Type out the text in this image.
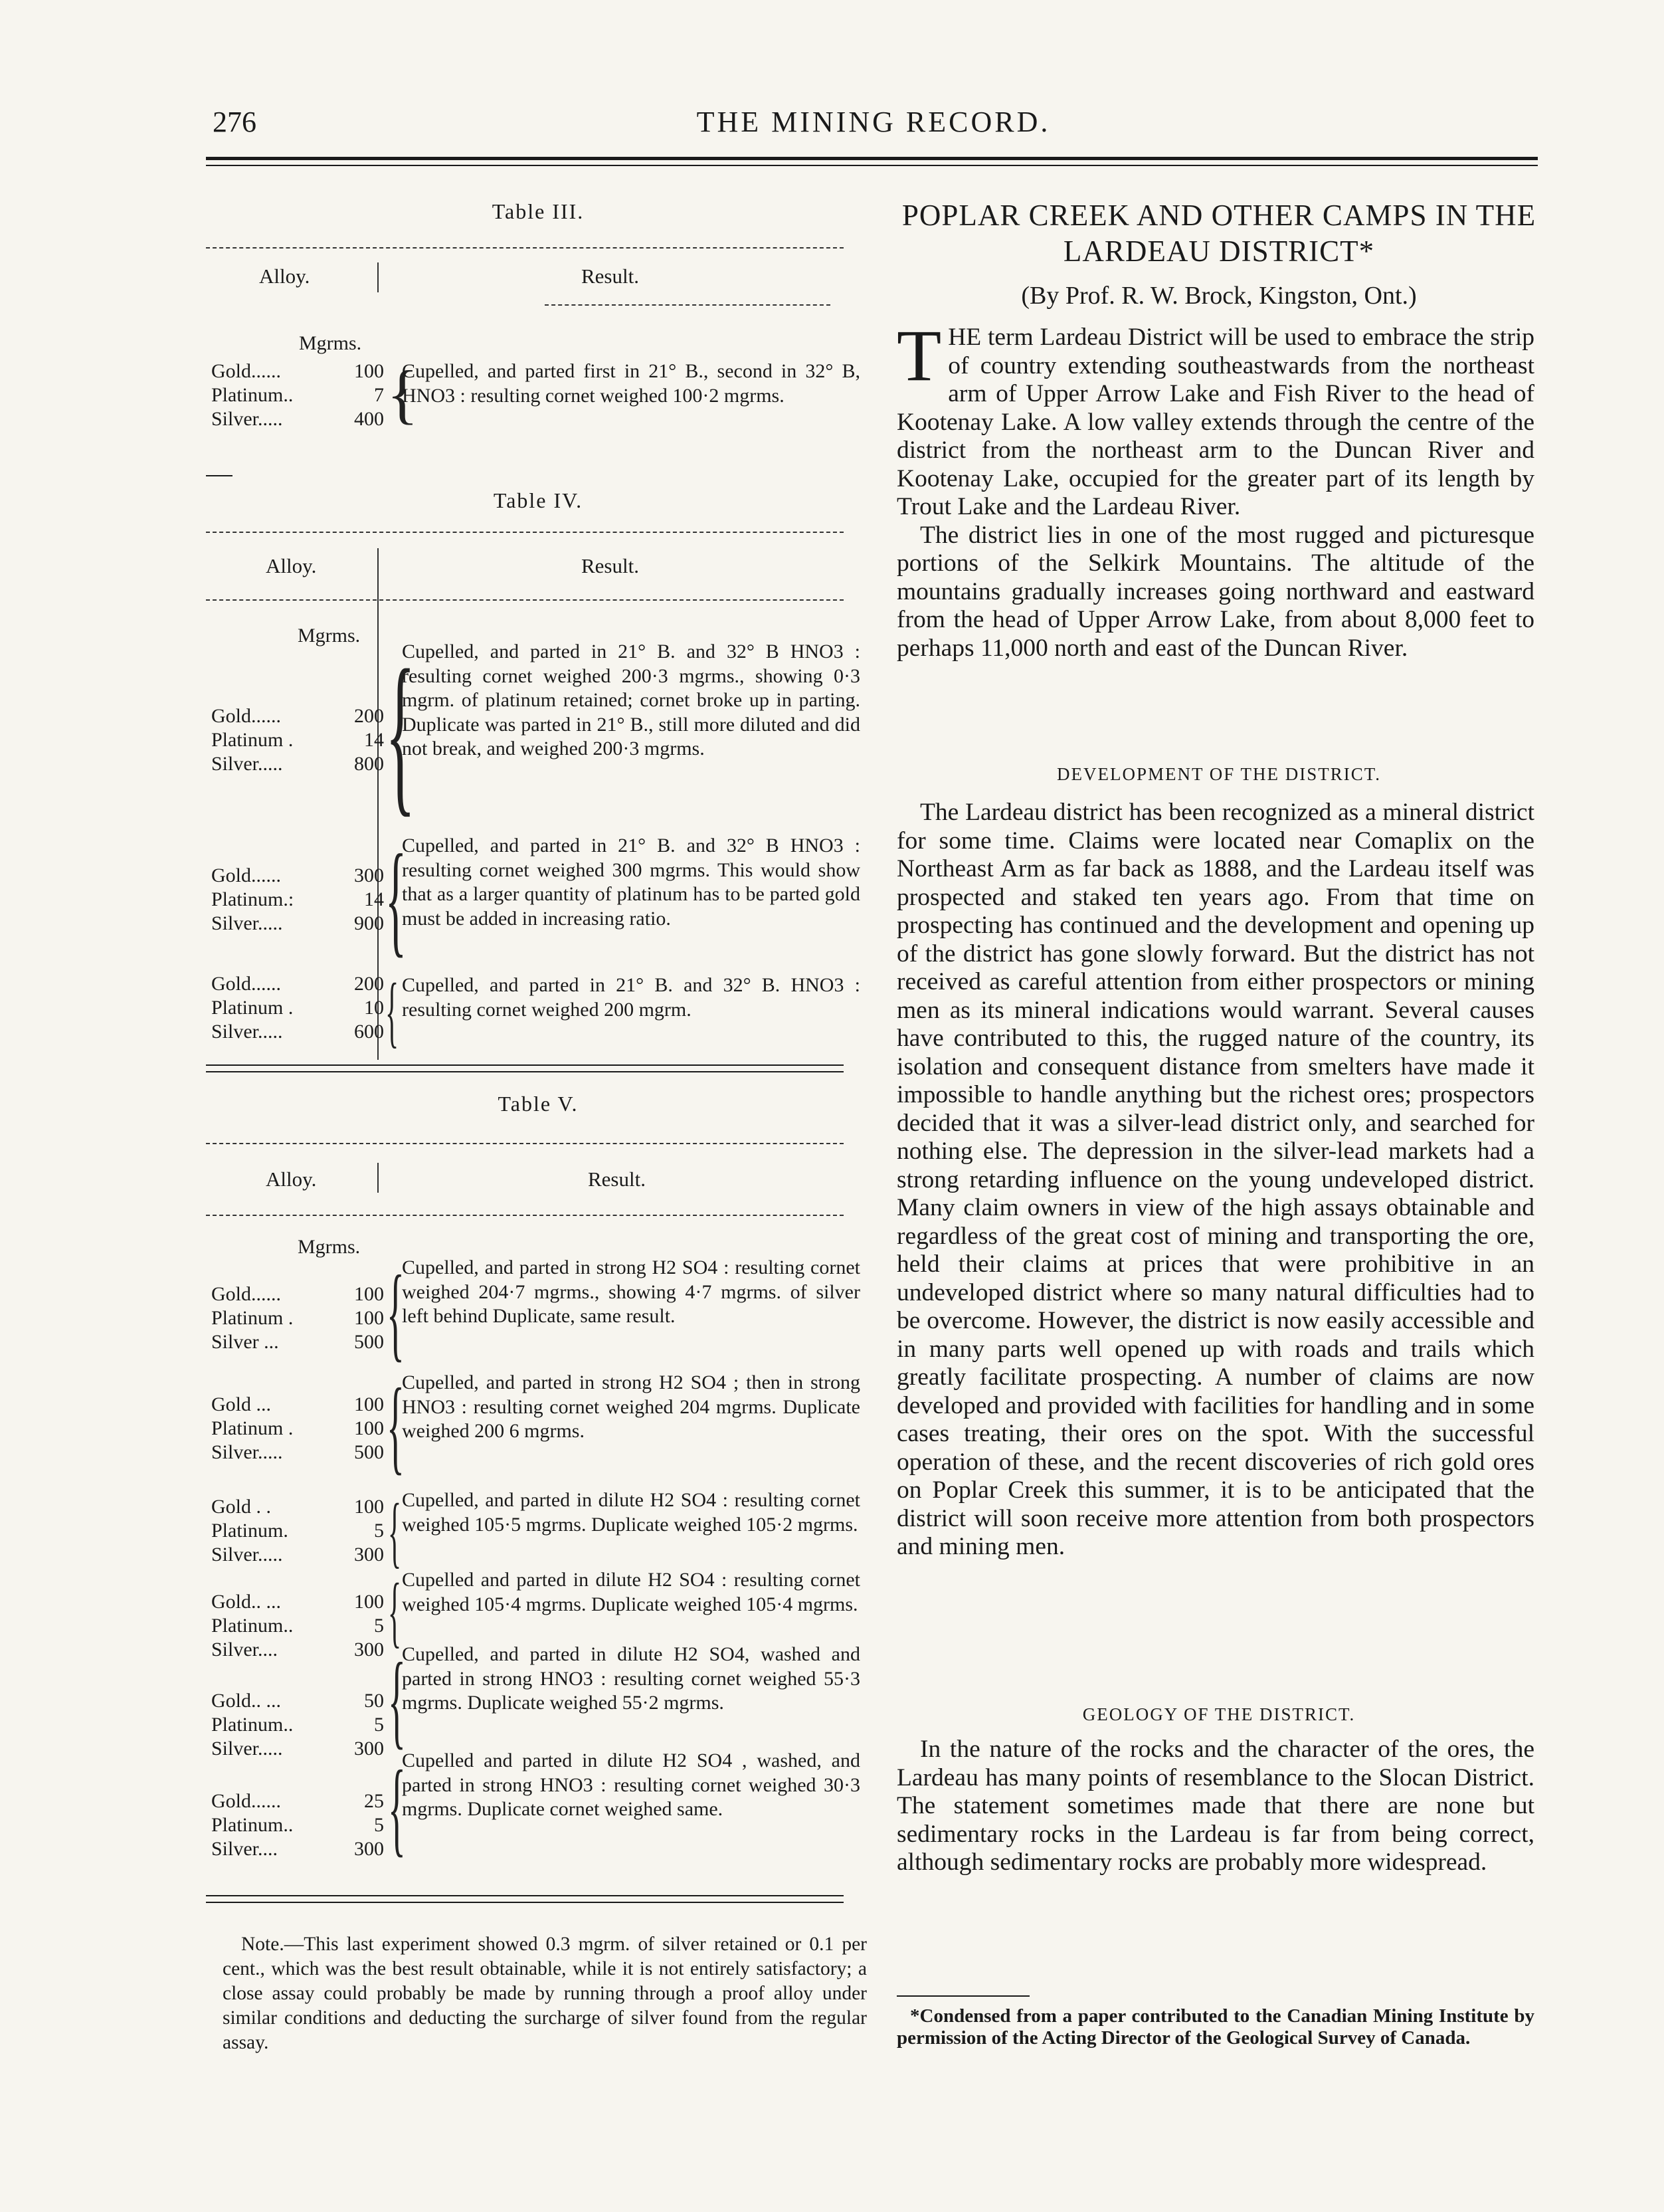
276	THE MINING RECORD.
Table III.
Alloy.	Result.
Mgrms.
Gold......	100
Platinum..	7
Silver.....	400 {
Cupelled, and parted first in 21° B., second in 32° B, HNO3 : resulting cornet weighed 100·2 mgrms.
Table IV.
Alloy.	Result.
Mgrms.
Gold......	200
Platinum .	14
Silver.....	800 {
Cupelled, and parted in 21° B. and 32° B HNO3 : resulting cornet weighed 200·3 mgrms., showing 0·3 mgrm. of platinum retained; cornet broke up in parting. Duplicate was parted in 21° B., still more diluted and did not break, and weighed 200·3 mgrms.
Gold......	300
Platinum.:	14
Silver.....	900 {
Cupelled, and parted in 21° B. and 32° B HNO3 : resulting cornet weighed 300 mgrms. This would show that as a larger quantity of platinum has to be parted gold must be added in increasing ratio.
Gold......	200
Platinum .	10
Silver.....	600 { Cupelled, and parted in 21° B. and 32° B. HNO3 : resulting cornet weighed 200 mgrm.
Table V.
Alloy.	Result.
Mgrms.
Gold......	100
Platinum .	100
Silver ...	500 {
Cupelled, and parted in strong H2 SO4 : resulting cornet weighed 204·7 mgrms., showing 4·7 mgrms. of silver left behind Duplicate, same result.
Gold ...	100
Platinum .	100
Silver.....	500 {
Cupelled, and parted in strong H2 SO4 ; then in strong HNO3 : resulting cornet weighed 204 mgrms. Duplicate weighed 200 6 mgrms.
Gold . .	100
Platinum.	5
Silver.....	300 { Cupelled, and parted in dilute H2 SO4 : resulting cornet weighed 105·5 mgrms. Duplicate weighed 105·2 mgrms.
Gold.. ...	100
Platinum..	5
Silver....	300 { Cupelled and parted in dilute H2 SO4 : resulting cornet weighed 105·4 mgrms. Duplicate weighed 105·4 mgrms.
Gold.. ...	50
Platinum..	5
Silver.....	300 {
Cupelled, and parted in dilute H2 SO4, washed and parted in strong HNO3 : resulting cornet weighed 55·3 mgrms. Duplicate weighed 55·2 mgrms.
Gold......	25
Platinum..	5
Silver....	300 {
Cupelled and parted in dilute H2 SO4 , washed, and parted in strong HNO3 : resulting cornet weighed 30·3 mgrms. Duplicate cornet weighed same.
Note.—This last experiment showed 0.3 mgrm. of silver retained or 0.1 per cent., which was the best result obtainable, while it is not entirely satisfactory; a close assay could probably be made by running through a proof alloy under similar conditions and deducting the surcharge of silver found from the regular assay.
POPLAR CREEK AND OTHER CAMPS IN THE LARDEAU DISTRICT*
(By Prof. R. W. Brock, Kingston, Ont.)

THE term Lardeau District will be used to embrace the strip of country extending southeastwards from the northeast arm of Upper Arrow Lake and Fish River to the head of Kootenay Lake. A low valley extends through the centre of the district from the northeast arm to the Duncan River and Kootenay Lake, occupied for the greater part of its length by Trout Lake and the Lardeau River.

The district lies in one of the most rugged and picturesque portions of the Selkirk Mountains. The altitude of the mountains gradually increases going northward and eastward from the head of Upper Arrow Lake, from about 8,000 feet to perhaps 11,000 north and east of the Duncan River.

DEVELOPMENT OF THE DISTRICT.

The Lardeau district has been recognized as a mineral district for some time. Claims were located near Comaplix on the Northeast Arm as far back as 1888, and the Lardeau itself was prospected and staked ten years ago. From that time on prospecting has continued and the development and opening up of the district has gone slowly forward. But the district has not received as careful attention from either prospectors or mining men as its mineral indications would warrant. Several causes have contributed to this, the rugged nature of the country, its isolation and consequent distance from smelters have made it impossible to handle anything but the richest ores; prospectors decided that it was a silver-lead district only, and searched for nothing else. The depression in the silver-lead markets had a strong retarding influence on the young undeveloped district. Many claim owners in view of the high assays obtainable and regardless of the great cost of mining and transporting the ore, held their claims at prices that were prohibitive in an undeveloped district where so many natural difficulties had to be overcome. However, the district is now easily accessible and in many parts well opened up with roads and trails which greatly facilitate prospecting. A number of claims are now developed and provided with facilities for handling and in some cases treating, their ores on the spot. With the successful operation of these, and the recent discoveries of rich gold ores on Poplar Creek this summer, it is to be anticipated that the district will soon receive more attention from both prospectors and mining men.

GEOLOGY OF THE DISTRICT.

In the nature of the rocks and the character of the ores, the Lardeau has many points of resemblance to the Slocan District. The statement sometimes made that there are none but sedimentary rocks in the Lardeau is far from being correct, although sedimentary rocks are probably more widespread.

*Condensed from a paper contributed to the Canadian Mining Institute by permission of the Acting Director of the Geological Survey of Canada.
